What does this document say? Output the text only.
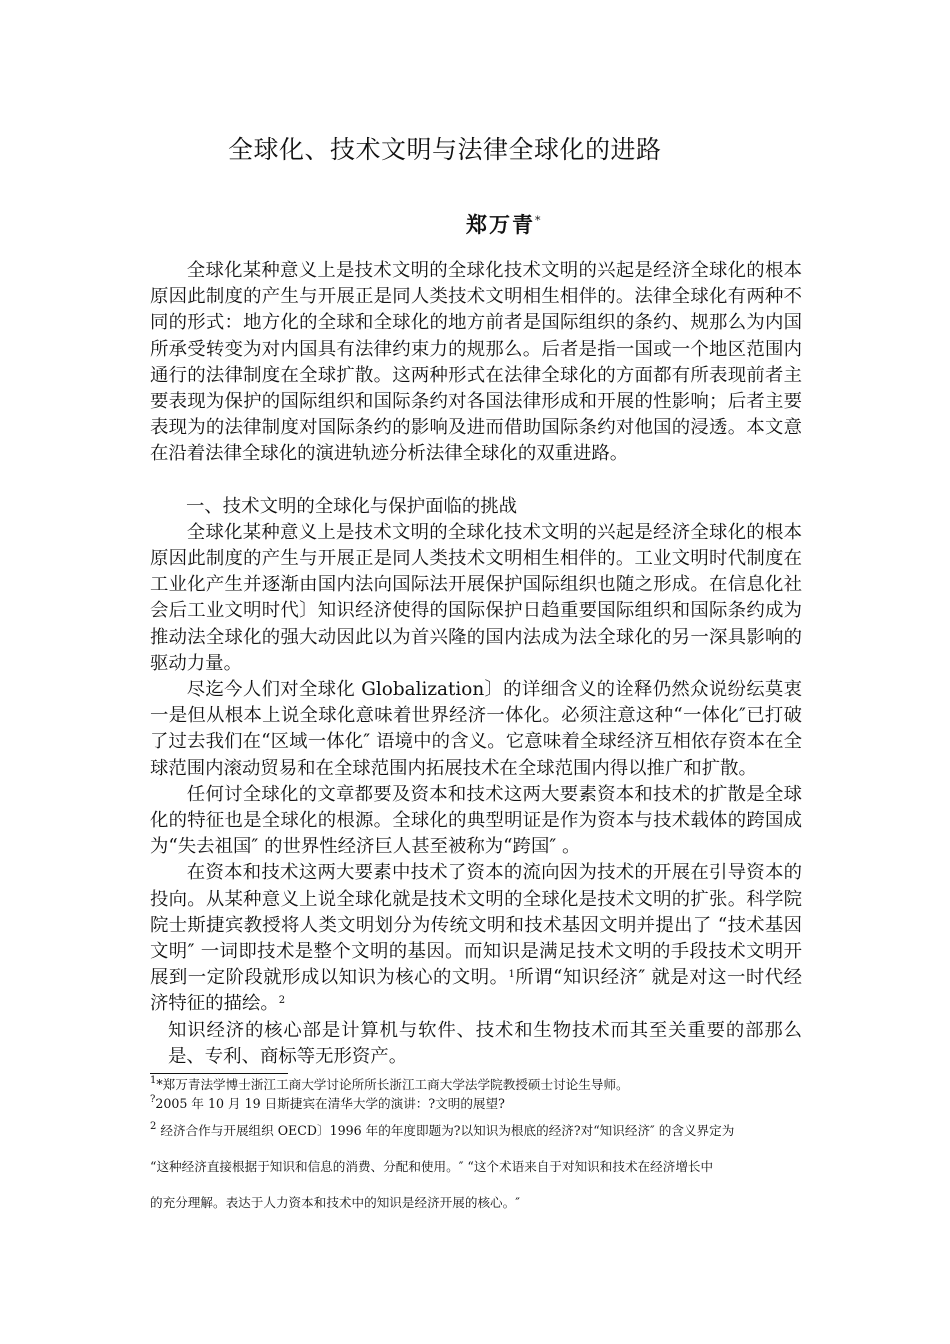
全球化、技术文明与法律全球化的进路
郑万青*

全球化某种意义上是技术文明的全球化技术文明的兴起是经济全球化的根本原因此制度的产生与开展正是同人类技术文明相生相伴的。法律全球化有两种不同的形式：地方化的全球和全球化的地方前者是国际组织的条约、规那么为内国所承受转变为对内国具有法律约束力的规那么。后者是指一国或一个地区范围内通行的法律制度在全球扩散。这两种形式在法律全球化的方面都有所表现前者主要表现为保护的国际组织和国际条约对各国法律形成和开展的性影响；后者主要表现为的法律制度对国际条约的影响及进而借助国际条约对他国的浸透。本文意在沿着法律全球化的演进轨迹分析法律全球化的双重进路。

一、技术文明的全球化与保护面临的挑战

全球化某种意义上是技术文明的全球化技术文明的兴起是经济全球化的根本原因此制度的产生与开展正是同人类技术文明相生相伴的。工业文明时代制度在工业化产生并逐渐由国内法向国际法开展保护国际组织也随之形成。在信息化社会后工业文明时代〕知识经济使得的国际保护日趋重要国际组织和国际条约成为推动法全球化的强大动因此以为首兴隆的国内法成为法全球化的另一深具影响的驱动力量。

尽迄今人们对全球化 Globalization〕的详细含义的诠释仍然众说纷纭莫衷一是但从根本上说全球化意味着世界经济一体化。必须注意这种“一体化″已打破了过去我们在“区域一体化″ 语境中的含义。它意味着全球经济互相依存资本在全球范围内滚动贸易和在全球范围内拓展技术在全球范围内得以推广和扩散。

任何讨全球化的文章都要及资本和技术这两大要素资本和技术的扩散是全球化的特征也是全球化的根源。全球化的典型明证是作为资本与技术载体的跨国成为“失去祖国″ 的世界性经济巨人甚至被称为“跨国″ 。

在资本和技术这两大要素中技术了资本的流向因为技术的开展在引导资本的投向。从某种意义上说全球化就是技术文明的全球化是技术文明的扩张。科学院院士斯捷宾教授将人类文明划分为传统文明和技术基因文明并提出了 “技术基因文明″ 一词即技术是整个文明的基因。而知识是满足技术文明的手段技术文明开展到一定阶段就形成以知识为核心的文明。$^1$所谓“知识经济″ 就是对这一时代经济特征的描绘。$^2$

知识经济的核心部是计算机与软件、技术和生物技术而其至关重要的部那么是、专利、商标等无形资产。

$^1$*郑万青法学博士浙江工商大学讨论所所长浙江工商大学法学院教授硕士讨论生导师。
?2005 年 10 月 19 日斯捷宾在清华大学的演讲：?文明的展望?
$^2$ 经济合作与开展组织 OECD〕1996 年的年度即题为?以知识为根底的经济?对“知识经济″ 的含义界定为
“这种经济直接根据于知识和信息的消费、分配和使用。″ “这个术语来自于对知识和技术在经济增长中
的充分理解。表达于人力资本和技术中的知识是经济开展的核心。″
